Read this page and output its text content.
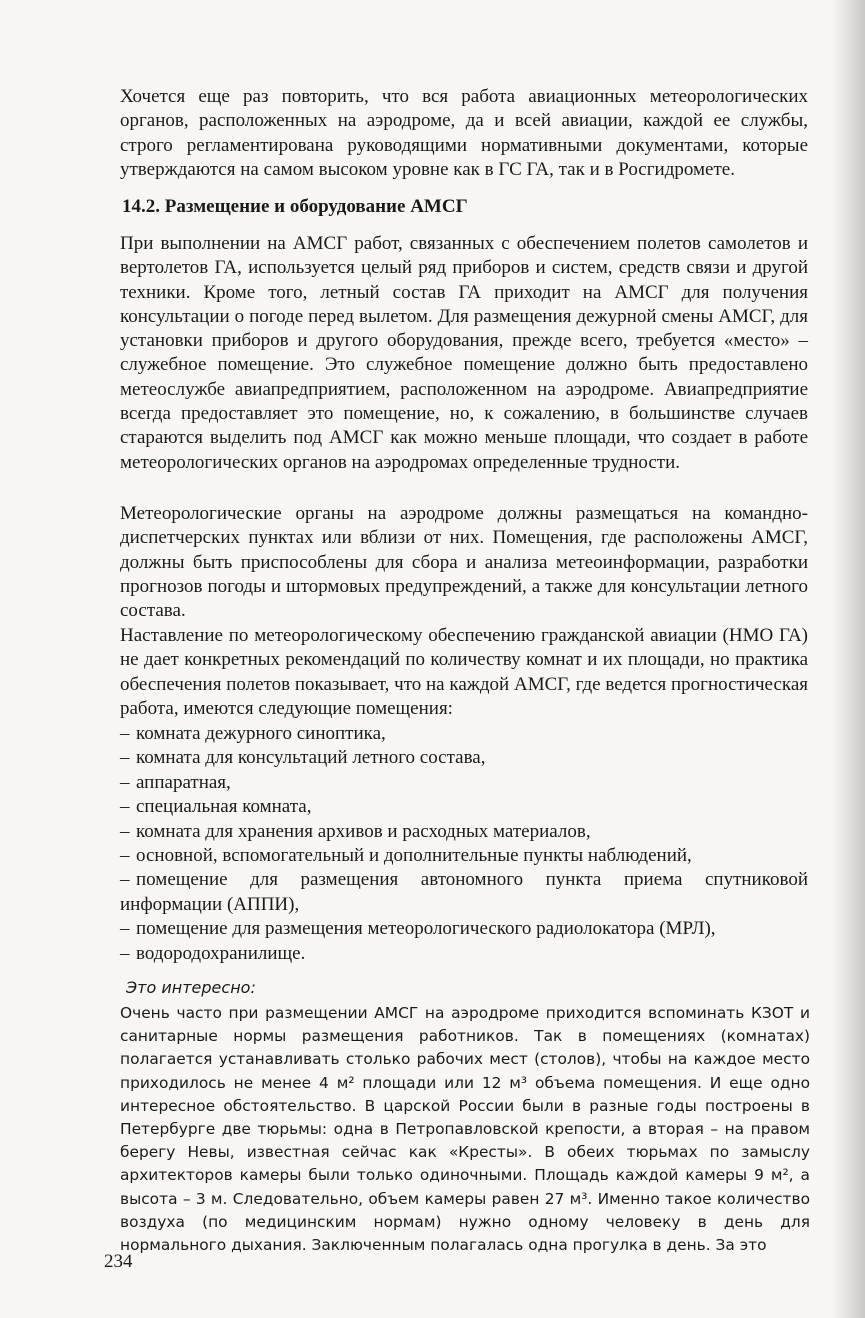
Хочется еще раз повторить, что вся работа авиационных метеорологических органов, расположенных на аэродроме, да и всей авиации, каждой ее службы, строго регламентирована руководящими нормативными документами, которые утверждаются на самом высоком уровне как в ГС ГА, так и в Росгидромете.

14.2. Размещение и оборудование АМСГ

При выполнении на АМСГ работ, связанных с обеспечением полетов самолетов и вертолетов ГА, используется целый ряд приборов и систем, средств связи и другой техники. Кроме того, летный состав ГА приходит на АМСГ для получения консультации о погоде перед вылетом. Для размещения дежурной смены АМСГ, для установки приборов и другого оборудования, прежде всего, требуется «место» – служебное помещение. Это служебное помещение должно быть предоставлено метеослужбе авиапредприятием, расположенном на аэродроме. Авиапредприятие всегда предоставляет это помещение, но, к сожалению, в большинстве случаев стараются выделить под АМСГ как можно меньше площади, что создает в работе метеорологических органов на аэродромах определенные трудности.

Метеорологические органы на аэродроме должны размещаться на командно-диспетчерских пунктах или вблизи от них. Помещения, где расположены АМСГ, должны быть приспособлены для сбора и анализа метеоинформации, разработки прогнозов погоды и штормовых предупреждений, а также для консультации летного состава.

Наставление по метеорологическому обеспечению гражданской авиации (НМО ГА) не дает конкретных рекомендаций по количеству комнат и их площади, но практика обеспечения полетов показывает, что на каждой АМСГ, где ведется прогностическая работа, имеются следующие помещения:

– комната дежурного синоптика,
– комната для консультаций летного состава,
– аппаратная,
– специальная комната,
– комната для хранения архивов и расходных материалов,
– основной, вспомогательный и дополнительные пункты наблюдений,
– помещение для размещения автономного пункта приема спутниковой информации (АППИ),
– помещение для размещения метеорологического радиолокатора (МРЛ),
– водородохранилище.

Это интересно:

Очень часто при размещении АМСГ на аэродроме приходится вспоминать КЗОТ и санитарные нормы размещения работников. Так в помещениях (комнатах) полагается устанавливать столько рабочих мест (столов), чтобы на каждое место приходилось не менее 4 м² площади или 12 м³ объема помещения. И еще одно интересное обстоятельство. В царской России были в разные годы построены в Петербурге две тюрьмы: одна в Петропавловской крепости, а вторая – на правом берегу Невы, известная сейчас как «Кресты». В обеих тюрьмах по замыслу архитекторов камеры были только одиночными. Площадь каждой камеры 9 м², а высота – 3 м. Следовательно, объем камеры равен 27 м³. Именно такое количество воздуха (по медицинским нормам) нужно одному человеку в день для нормального дыхания. Заключенным полагалась одна прогулка в день. За это

234
